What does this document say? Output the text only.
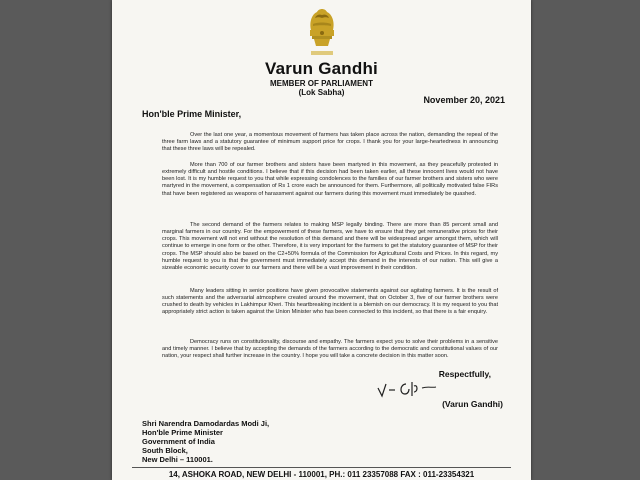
Varun Gandhi
MEMBER OF PARLIAMENT
(Lok Sabha)
November 20, 2021
Hon'ble Prime Minister,

Over the last one year, a momentous movement of farmers has taken place across the nation, demanding the repeal of the three farm laws and a statutory guarantee of minimum support price for crops. I thank you for your large-heartedness in announcing that these three laws will be repealed.

More than 700 of our farmer brothers and sisters have been martyred in this movement, as they peacefully protested in extremely difficult and hostile conditions. I believe that if this decision had been taken earlier, all these innocent lives would not have been lost. It is my humble request to you that while expressing condolences to the families of our farmer brothers and sisters who were martyred in the movement, a compensation of Rs 1 crore each be announced for them. Furthermore, all politically motivated false FIRs that have been registered as weapons of harassment against our farmers during this movement must immediately be quashed.

The second demand of the farmers relates to making MSP legally binding. There are more than 85 percent small and marginal farmers in our country. For the empowerment of these farmers, we have to ensure that they get remunerative prices for their crops. This movement will not end without the resolution of this demand and there will be widespread anger amongst them, which will continue to emerge in one form or the other. Therefore, it is very important for the farmers to get the statutory guarantee of MSP for their crops. The MSP should also be based on the C2+50% formula of the Commission for Agricultural Costs and Prices. In this regard, my humble request to you is that the government must immediately accept this demand in the interests of our nation. This will give a sizeable economic security cover to our farmers and there will be a vast improvement in their condition.

Many leaders sitting in senior positions have given provocative statements against our agitating farmers. It is the result of such statements and the adversarial atmosphere created around the movement, that on October 3, five of our farmer brothers were crushed to death by vehicles in Lakhimpur Kheri. This heartbreaking incident is a blemish on our democracy. It is my request to you that appropriately strict action is taken against the Union Minister who has been connected to this incident, so that there is a fair enquiry.

Democracy runs on constitutionality, discourse and empathy. The farmers expect you to solve their problems in a sensitive and timely manner. I believe that by accepting the demands of the farmers according to the democratic and constitutional values of our nation, your respect shall further increase in the country. I hope you will take a concrete decision in this matter soon.

Respectfully,
(Varun Gandhi)
Shri Narendra Damodardas Modi Ji,
Hon'ble Prime Minister
Government of India
South Block,
New Delhi – 110001.
14, ASHOKA ROAD, NEW DELHI - 110001, PH.: 011 23357088 FAX : 011-23354321
